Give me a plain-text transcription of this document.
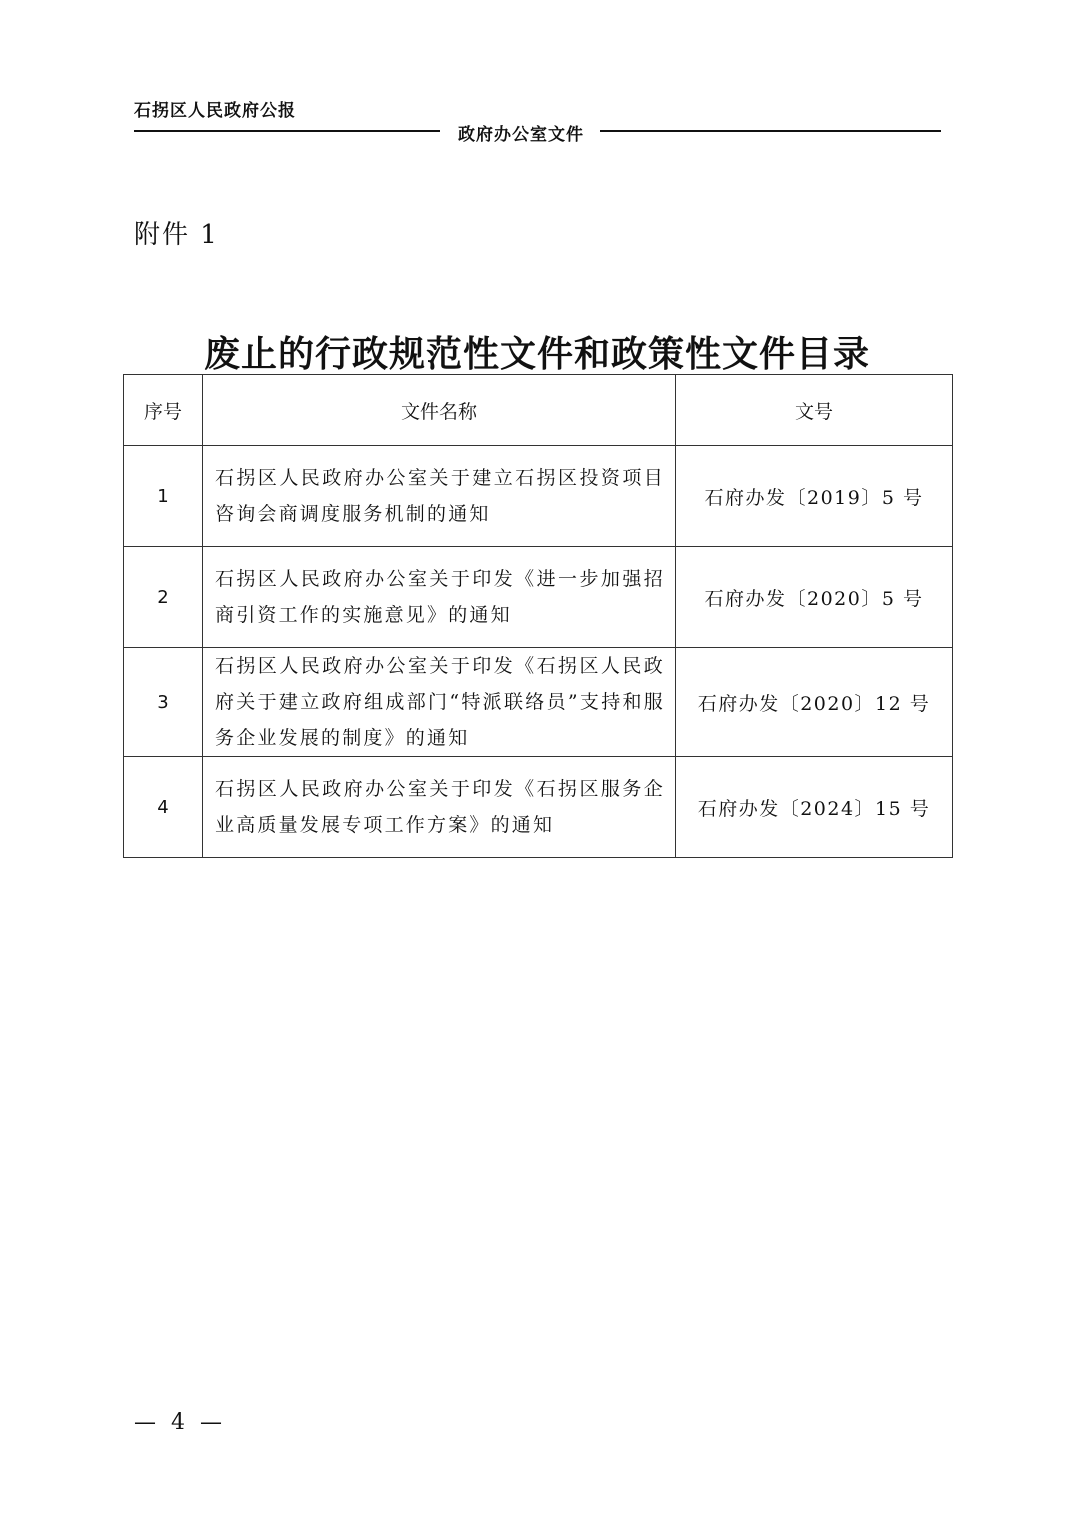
石拐区人民政府公报
政府办公室文件
附件 1
废止的行政规范性文件和政策性文件目录
序号	文件名称	文号
1	石拐区人民政府办公室关于建立石拐区投资项目咨询会商调度服务机制的通知	石府办发〔2019〕5 号
2	石拐区人民政府办公室关于印发《进一步加强招商引资工作的实施意见》的通知	石府办发〔2020〕5 号
3	石拐区人民政府办公室关于印发《石拐区人民政府关于建立政府组成部门“特派联络员”支持和服务企业发展的制度》的通知	石府办发〔2020〕12 号
4	石拐区人民政府办公室关于印发《石拐区服务企业高质量发展专项工作方案》的通知	石府办发〔2024〕15 号
— 4 —
